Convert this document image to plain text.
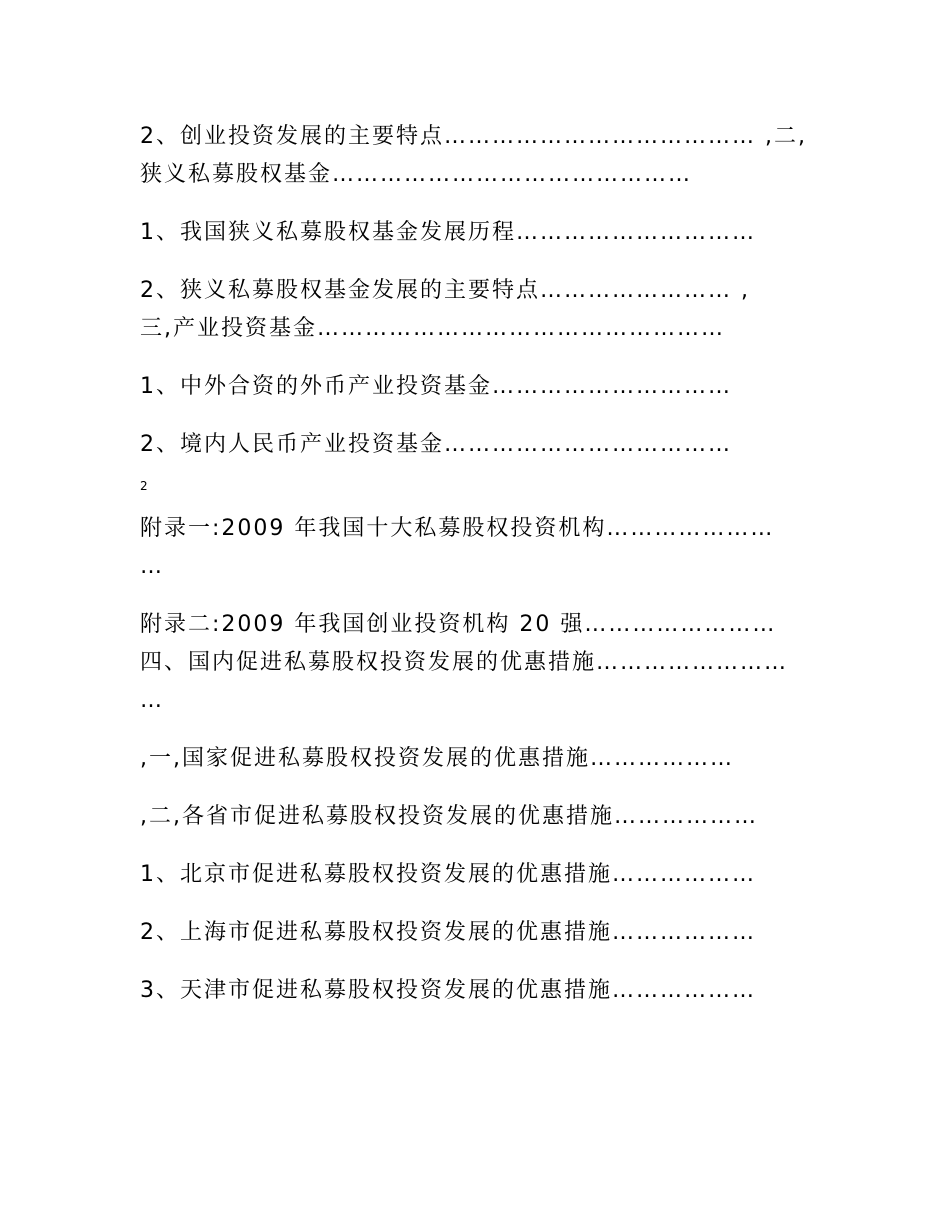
2、创业投资发展的主要特点………………………………… ,二,

狭义私募股权基金………………………………………

1、我国狭义私募股权基金发展历程…………………………

2、狭义私募股权基金发展的主要特点…………………… ,

三,产业投资基金……………………………………………

1、中外合资的外币产业投资基金…………………………

2、境内人民币产业投资基金………………………………

2

附录一:2009 年我国十大私募股权投资机构…………………

…

附录二:2009 年我国创业投资机构 20 强……………………

四、国内促进私募股权投资发展的优惠措施……………………

…

,一,国家促进私募股权投资发展的优惠措施………………

,二,各省市促进私募股权投资发展的优惠措施………………

1、北京市促进私募股权投资发展的优惠措施………………

2、上海市促进私募股权投资发展的优惠措施………………

3、天津市促进私募股权投资发展的优惠措施………………
